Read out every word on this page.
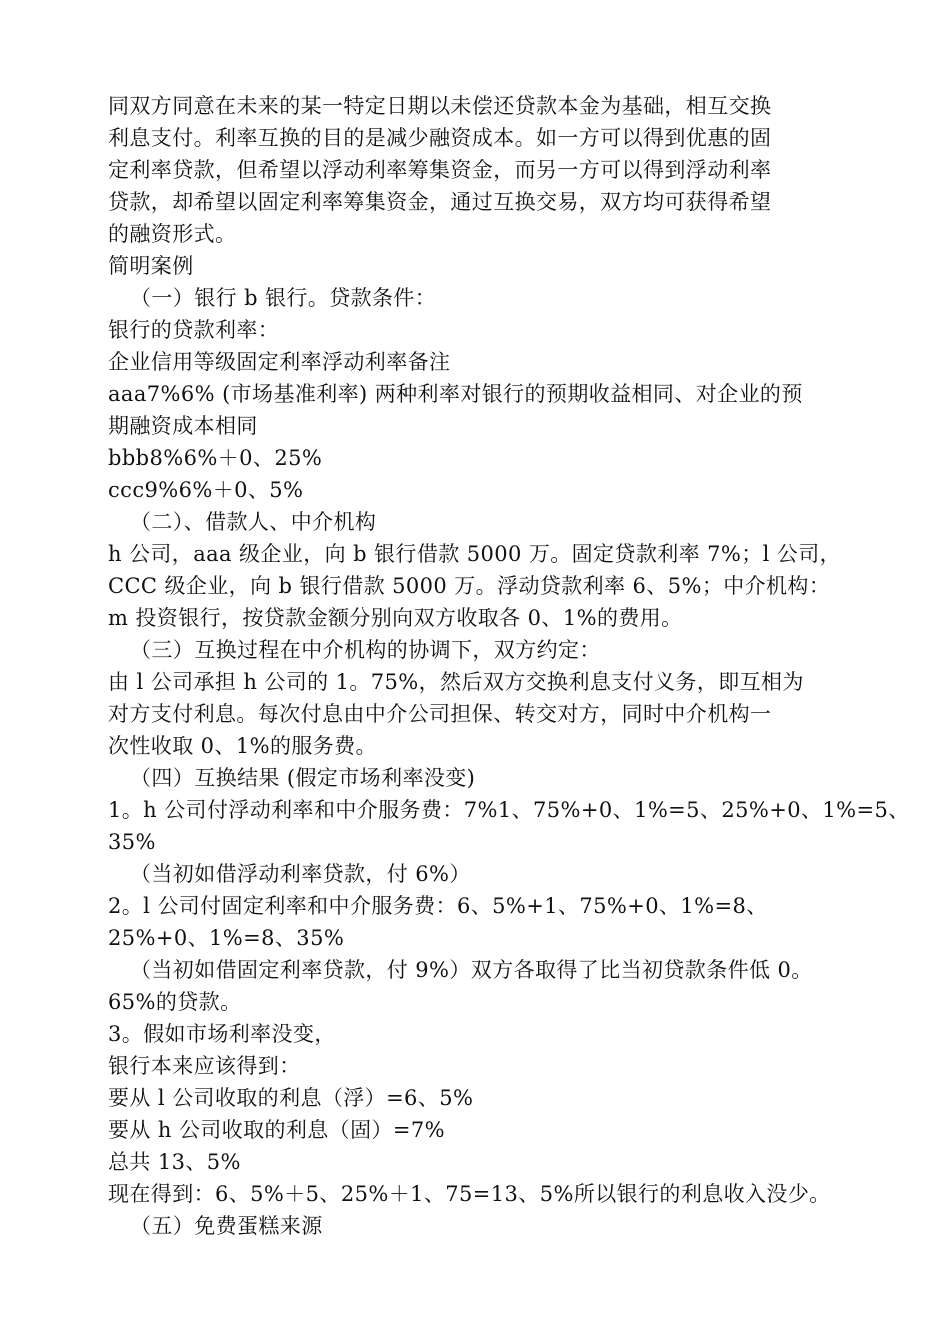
同双方同意在未来的某一特定日期以未偿还贷款本金为基础，相互交换
利息支付。利率互换的目的是减少融资成本。如一方可以得到优惠的固
定利率贷款，但希望以浮动利率筹集资金，而另一方可以得到浮动利率
贷款，却希望以固定利率筹集资金，通过互换交易，双方均可获得希望
的融资形式。
简明案例
（一）银行 b 银行。贷款条件：
银行的贷款利率：
企业信用等级固定利率浮动利率备注
aaa7%6% (市场基准利率) 两种利率对银行的预期收益相同、对企业的预
期融资成本相同
bbb8%6%＋0、25%
ccc9%6%＋0、5%
（二）、借款人、中介机构
h 公司，aaa 级企业，向 b 银行借款 5000 万。固定贷款利率 7%；l 公司，
CCC 级企业，向 b 银行借款 5000 万。浮动贷款利率 6、5%；中介机构：
m 投资银行，按贷款金额分别向双方收取各 0、1%的费用。
（三）互换过程在中介机构的协调下，双方约定：
由 l 公司承担 h 公司的 1。75%，然后双方交换利息支付义务，即互相为
对方支付利息。每次付息由中介公司担保、转交对方，同时中介机构一
次性收取 0、1%的服务费。
（四）互换结果 (假定市场利率没变)
1。h 公司付浮动利率和中介服务费：7%1、75%+0、1%=5、25%+0、1%=5、
35%
（当初如借浮动利率贷款，付 6%）
2。l 公司付固定利率和中介服务费：6、5%+1、75%+0、1%=8、
25%+0、1%=8、35%
（当初如借固定利率贷款，付 9%）双方各取得了比当初贷款条件低 0。
65%的贷款。
3。假如市场利率没变，
银行本来应该得到：
要从 l 公司收取的利息（浮）=6、5%
要从 h 公司收取的利息（固）=7%
总共 13、5%
现在得到：6、5%＋5、25%＋1、75=13、5%所以银行的利息收入没少。
（五）免费蛋糕来源
